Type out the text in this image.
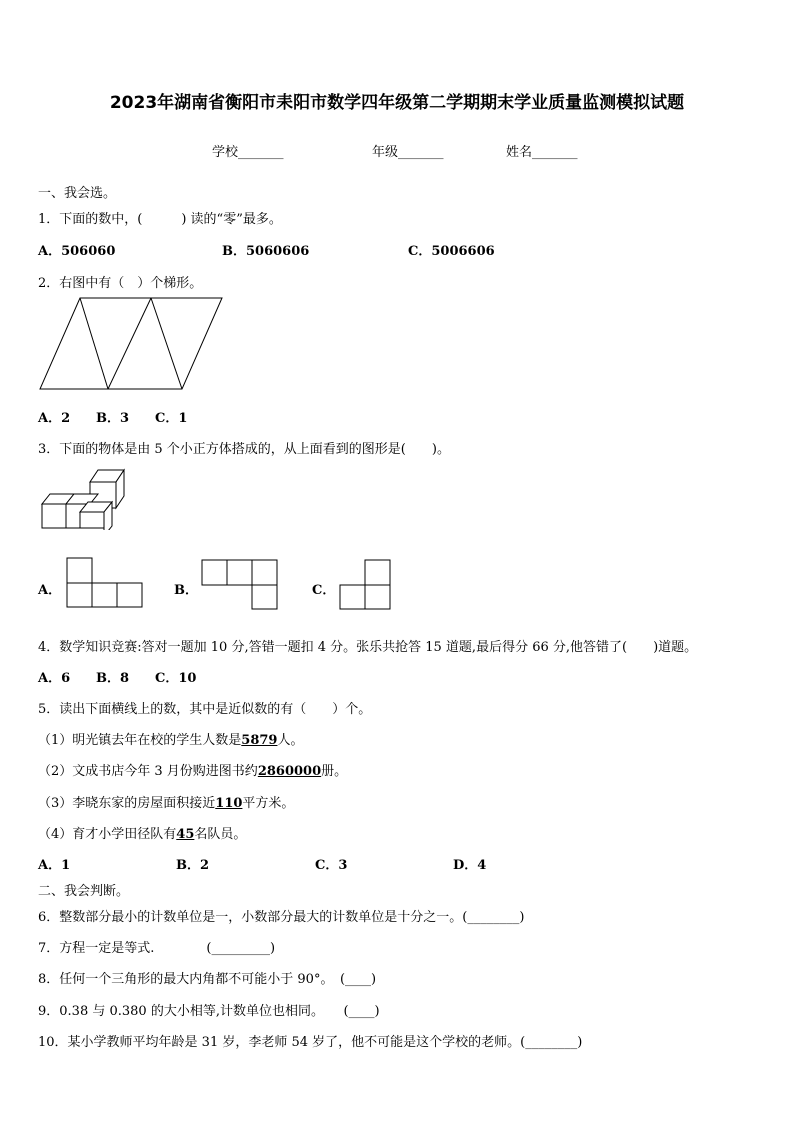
2023年湖南省衡阳市耒阳市数学四年级第二学期期末学业质量监测模拟试题
学校_______	年级_______	姓名_______
一、我会选。
1．下面的数中，(　　　) 读的“零”最多。
A．506060	B．5060606	C．5006606
2．右图中有（　）个梯形。
A．2 B．3 C．1
3．下面的物体是由 5 个小正方体搭成的，从上面看到的图形是(　　)。
A．	B．	C．
4．数学知识竞赛:答对一题加 10 分,答错一题扣 4 分。张乐共抢答 15 道题,最后得分 66 分,他答错了(　　)道题。
A．6 B．8 C．10
5．读出下面横线上的数，其中是近似数的有（　　）个。
（1）明光镇去年在校的学生人数是5879人。
（2）文成书店今年 3 月份购进图书约2860000册。
（3）李晓东家的房屋面积接近110平方米。
（4）育才小学田径队有45名队员。
A．1	B．2	C．3	D．4
二、我会判断。
6．整数部分最小的计数单位是一，小数部分最大的计数单位是十分之一。(________)
7．方程一定是等式.　　　　(_________)
8．任何一个三角形的最大内角都不可能小于 90°。　(____)
9．0.38 与 0.380 的大小相等,计数单位也相同。　　(____)
10．某小学教师平均年龄是 31 岁，李老师 54 岁了，他不可能是这个学校的老师。(________)
